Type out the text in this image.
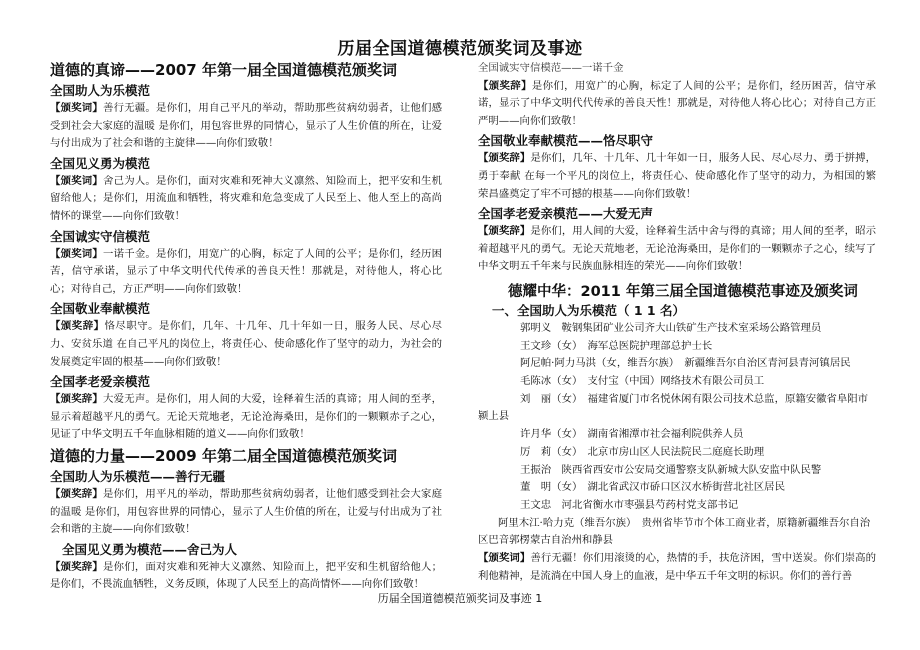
历届全国道德模范颁奖词及事迹

道德的真谛——2007 年第一届全国道德模范颁奖词

全国助人为乐模范

【颁奖词】善行无疆。是你们，用自己平凡的举动，帮助那些贫病幼弱者，让他们感受到社会大家庭的温暖 是你们，用包容世界的同情心，显示了人生价值的所在，让爱与付出成为了社会和谐的主旋律——向你们致敬！

全国见义勇为模范

【颁奖词】舍己为人。是你们，面对灾难和死神大义凛然、知险而上，把平安和生机留给他人；是你们，用流血和牺牲，将灾难和危急变成了人民至上、他人至上的高尚情怀的课堂——向你们致敬！

全国诚实守信模范

【颁奖词】一诺千金。是你们，用宽广的心胸，标定了人间的公平；是你们，经历困苦，信守承诺，显示了中华文明代代传承的善良天性！那就是，对待他人，将心比心；对待自己，方正严明——向你们致敬！

全国敬业奉献模范

【颁奖辞】恪尽职守。是你们，几年、十几年、几十年如一日，服务人民、尽心尽力、安贫乐道 在自己平凡的岗位上，将责任心、使命感化作了坚守的动力，为社会的发展奠定牢固的根基——向你们致敬！

全国孝老爱亲模范

【颁奖辞】大爱无声。是你们，用人间的大爱，诠释着生活的真谛；用人间的至孝，显示着超越平凡的勇气。无论天荒地老，无论沧海桑田，是你们的一颗颗赤子之心，见证了中华文明五千年血脉相随的道义——向你们致敬！

道德的力量——2009 年第二届全国道德模范颁奖词

全国助人为乐模范——善行无疆

【颁奖辞】是你们，用平凡的举动，帮助那些贫病幼弱者，让他们感受到社会大家庭的温暖 是你们，用包容世界的同情心，显示了人生价值的所在，让爱与付出成为了社会和谐的主旋——向你们致敬！

全国见义勇为模范——舍己为人

【颁奖辞】是你们，面对灾难和死神大义凛然、知险而上，把平安和生机留给他人；是你们，不畏流血牺牲，义务反顾，体现了人民至上的高尚情怀——向你们致敬！

全国诚实守信模范——一诺千金

【颁奖辞】是你们，用宽广的心胸，标定了人间的公平；是你们，经历困苦，信守承诺，显示了中华文明代代传承的善良天性！那就是，对待他人将心比心；对待自己方正严明——向你们致敬！

全国敬业奉献模范——恪尽职守

【颁奖辞】是你们，几年、十几年、几十年如一日，服务人民、尽心尽力、勇于拼搏，勇于奉献 在每一个平凡的岗位上，将责任心、使命感化作了坚守的动力，为相国的繁荣昌盛奠定了牢不可撼的根基——向你们致敬！

全国孝老爱亲模范——大爱无声

【颁奖辞】是你们，用人间的大爱，诠释着生活中舍与得的真谛；用人间的至孝，昭示着超越平凡的勇气。无论天荒地老，无论沧海桑田，是你们的一颗颗赤子之心，续写了中华文明五千年来与民族血脉相连的荣光——向你们致敬！

德耀中华：2011 年第三届全国道德模范事迹及颁奖词

一、全国助人为乐模范（ 1 1 名）

郭明义　鞍钢集团矿业公司齐大山铁矿生产技术室采场公路管理员

王文珍（女）　海军总医院护理部总护士长

阿尼帕·阿力马洪（女，维吾尔族）　新疆维吾尔自治区青河县青河镇居民

毛陈冰（女）　支付宝（中国）网络技术有限公司员工

刘　丽（女）　福建省厦门市名悦休闲有限公司技术总监，原籍安徽省阜阳市颍上县

许月华（女）　湖南省湘潭市社会福利院供养人员

厉　莉（女）　北京市房山区人民法院民二庭庭长助理

王振治　陕西省西安市公安局交通警察支队新城大队安监中队民警

董　明（女）　湖北省武汉市硚口区汉水桥街营北社区居民

王文忠　河北省衡水市枣强县芍药村党支部书记

阿里木江·哈力克（维吾尔族）　贵州省毕节市个体工商业者，原籍新疆维吾尔自治区巴音郭楞蒙古自治州和静县

【颁奖词】善行无疆！你们用滚烫的心，热情的手，扶危济困，雪中送炭。你们崇高的利他精神，是流淌在中国人身上的血液，是中华五千年文明的标识。你们的善行善

历届全国道德模范颁奖词及事迹 1
